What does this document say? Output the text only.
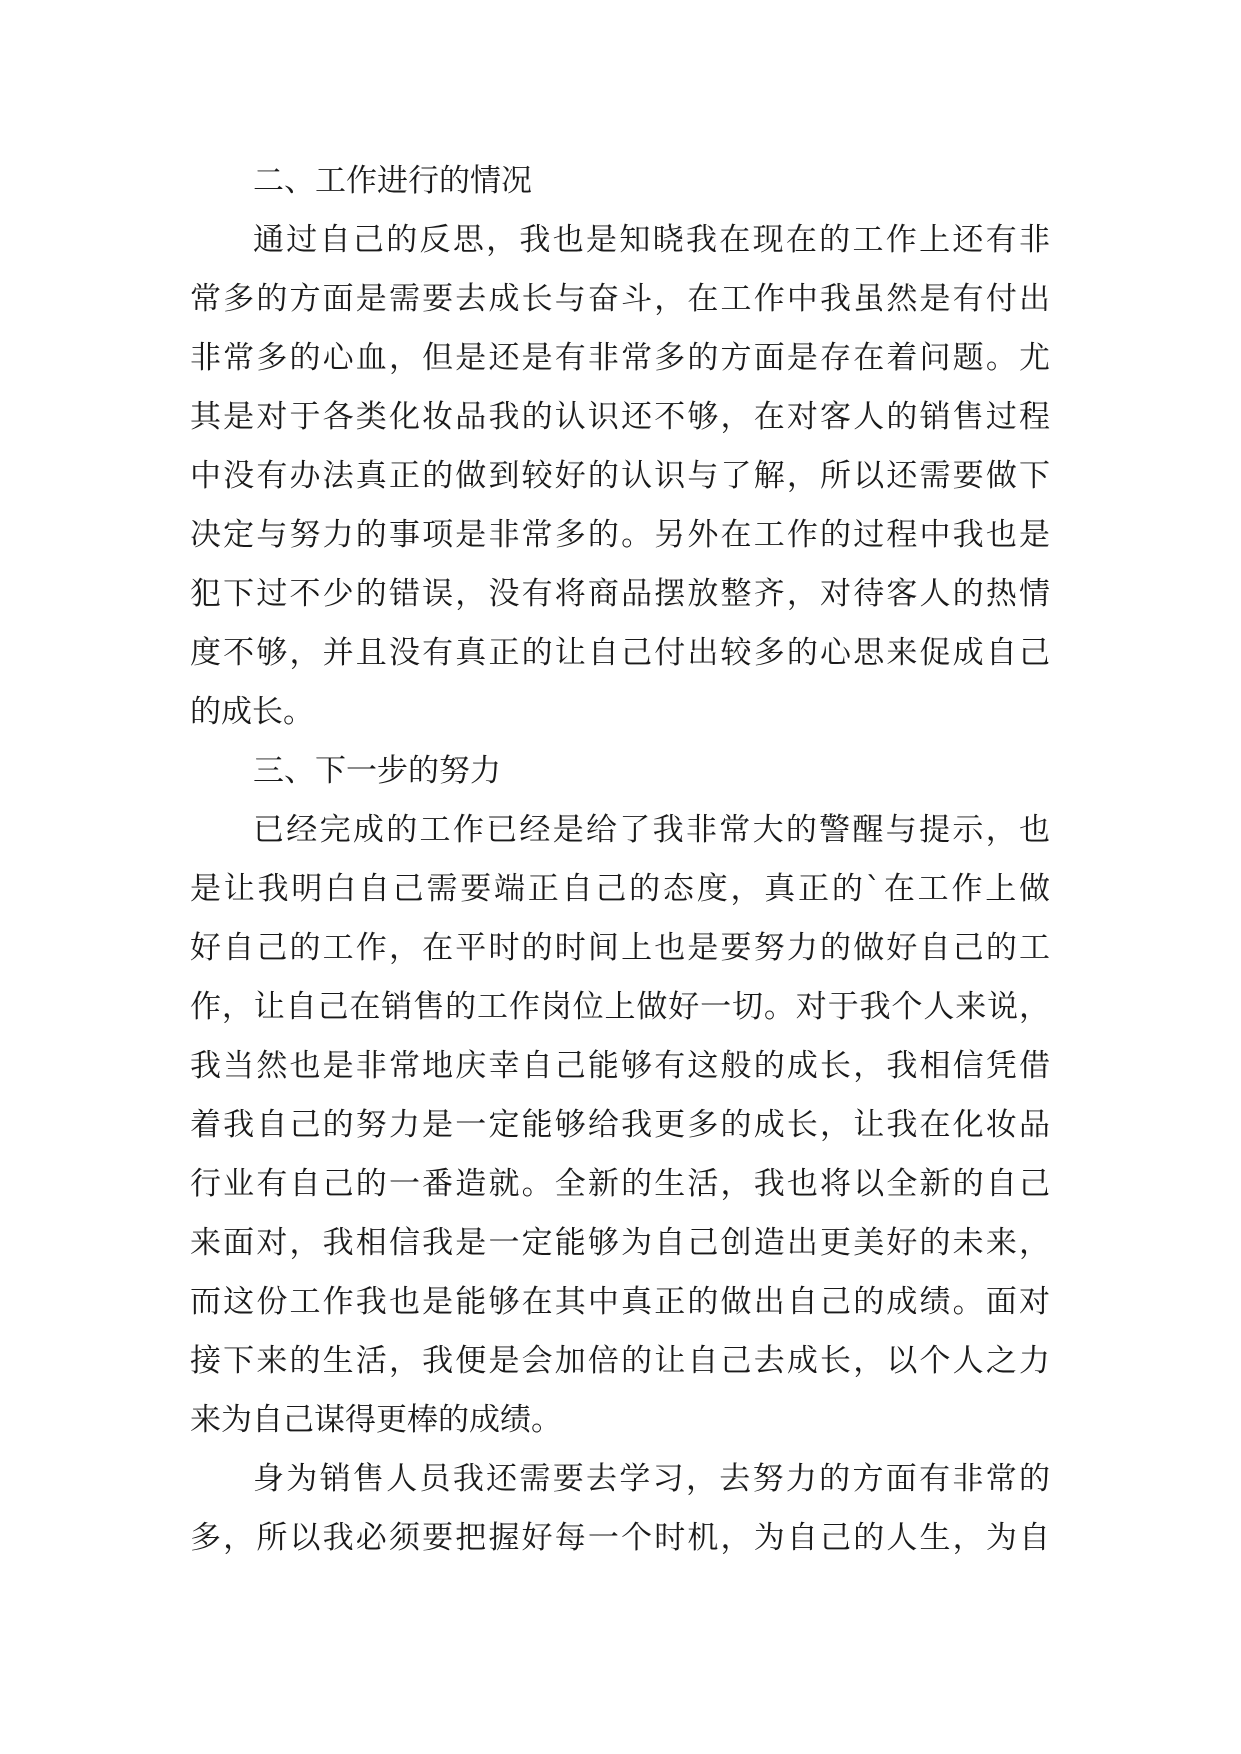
二、工作进行的情况

通过自己的反思，我也是知晓我在现在的工作上还有非
常多的方面是需要去成长与奋斗，在工作中我虽然是有付出
非常多的心血，但是还是有非常多的方面是存在着问题。尤
其是对于各类化妆品我的认识还不够，在对客人的销售过程
中没有办法真正的做到较好的认识与了解，所以还需要做下
决定与努力的事项是非常多的。另外在工作的过程中我也是
犯下过不少的错误，没有将商品摆放整齐，对待客人的热情
度不够，并且没有真正的让自己付出较多的心思来促成自己
的成长。

三、下一步的努力

已经完成的工作已经是给了我非常大的警醒与提示，也
是让我明白自己需要端正自己的态度，真正的`在工作上做
好自己的工作，在平时的时间上也是要努力的做好自己的工
作，让自己在销售的工作岗位上做好一切。对于我个人来说，
我当然也是非常地庆幸自己能够有这般的成长，我相信凭借
着我自己的努力是一定能够给我更多的成长，让我在化妆品
行业有自己的一番造就。全新的生活，我也将以全新的自己
来面对，我相信我是一定能够为自己创造出更美好的未来，
而这份工作我也是能够在其中真正的做出自己的成绩。面对
接下来的生活，我便是会加倍的让自己去成长，以个人之力
来为自己谋得更棒的成绩。

身为销售人员我还需要去学习，去努力的方面有非常的
多，所以我必须要把握好每一个时机，为自己的人生，为自
